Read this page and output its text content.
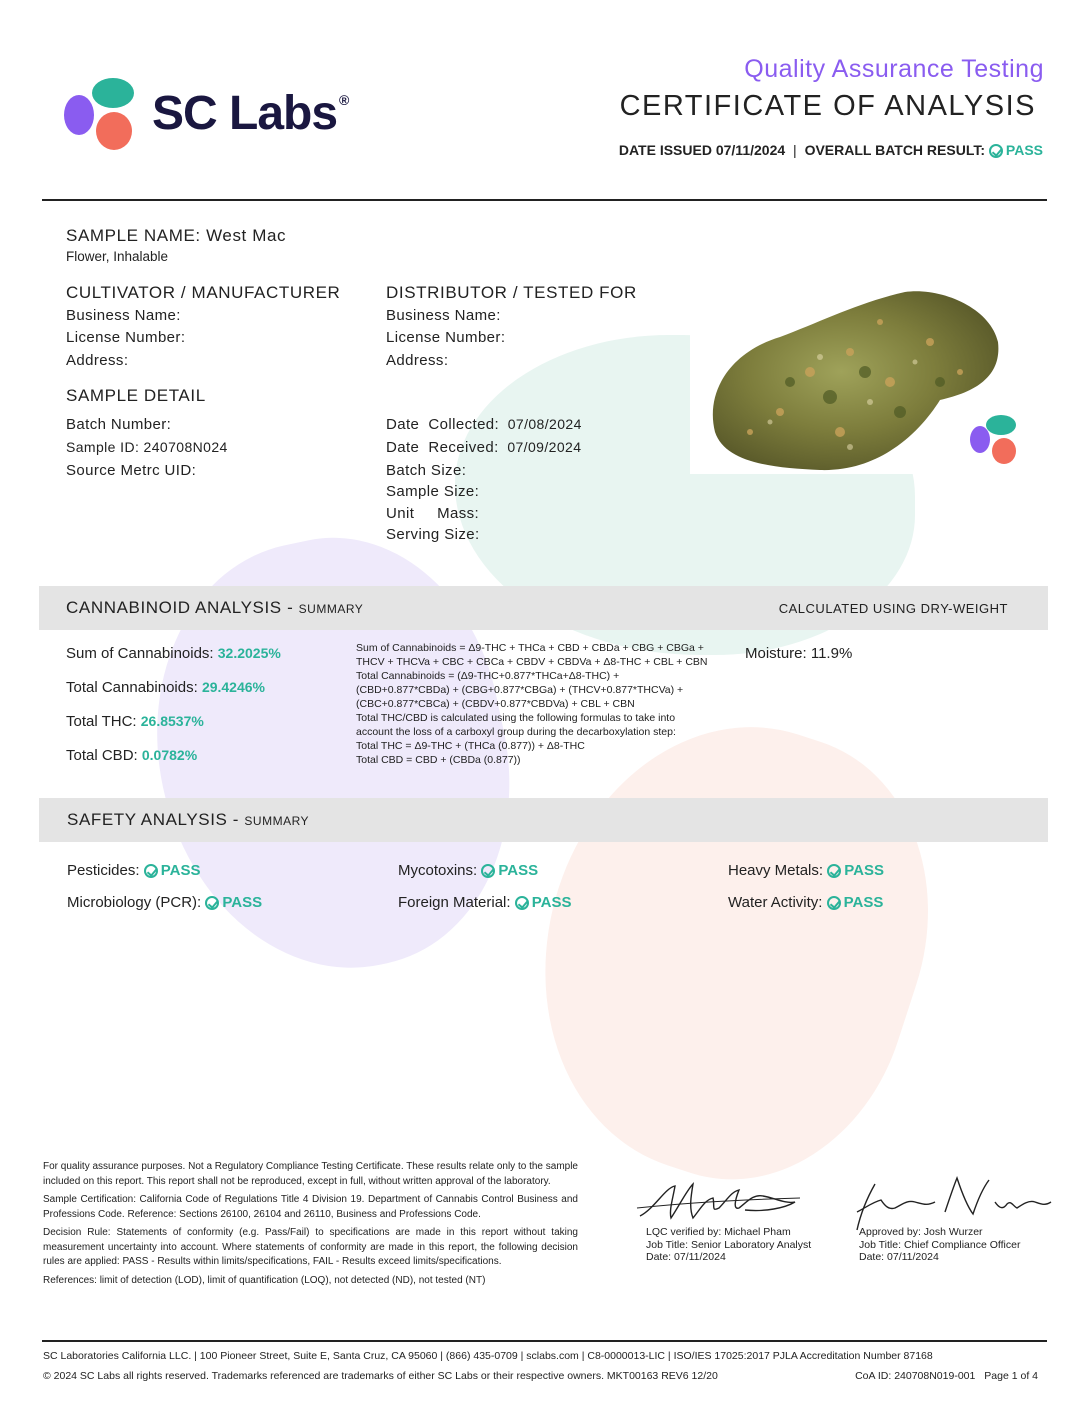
SC Labs ®
Quality Assurance Testing
CERTIFICATE OF ANALYSIS
DATE ISSUED 07/11/2024 | OVERALL BATCH RESULT: PASS
SAMPLE NAME: West Mac
Flower, Inhalable
CULTIVATOR / MANUFACTURER
Business Name:
License Number:
Address:
DISTRIBUTOR / TESTED FOR
Business Name:
License Number:
Address:
SAMPLE DETAIL
Batch Number:
Sample ID: 240708N024
Source Metrc UID:
Date  Collected: 07/08/2024
Date  Received: 07/09/2024
Batch Size:
Sample Size:
Unit     Mass:
Serving Size:
CANNABINOID ANALYSIS - SUMMARY	CALCULATED USING DRY-WEIGHT
Sum of Cannabinoids: 32.2025%
Total Cannabinoids: 29.4246%
Total THC: 26.8537%
Total CBD: 0.0782%
Sum of Cannabinoids = Δ9-THC + THCa + CBD + CBDa + CBG + CBGa +
THCV + THCVa + CBC + CBCa + CBDV + CBDVa + Δ8-THC + CBL + CBN
Total Cannabinoids = (Δ9-THC+0.877*THCa+Δ8-THC) +
(CBD+0.877*CBDa) + (CBG+0.877*CBGa) + (THCV+0.877*THCVa) +
(CBC+0.877*CBCa) + (CBDV+0.877*CBDVa) + CBL + CBN
Total THC/CBD is calculated using the following formulas to take into
account the loss of a carboxyl group during the decarboxylation step:
Total THC = Δ9-THC + (THCa (0.877)) + Δ8-THC
Total CBD = CBD + (CBDa (0.877))
Moisture: 11.9%
SAFETY ANALYSIS - SUMMARY
Pesticides: PASS	Mycotoxins: PASS	Heavy Metals: PASS
Microbiology (PCR): PASS	Foreign Material: PASS	Water Activity: PASS
For quality assurance purposes. Not a Regulatory Compliance Testing Certificate. These results relate only to the sample included on this report. This report shall not be reproduced, except in full, without written approval of the laboratory.
Sample Certification: California Code of Regulations Title 4 Division 19. Department of Cannabis Control Business and Professions Code. Reference: Sections 26100, 26104 and 26110, Business and Professions Code.
Decision Rule: Statements of conformity (e.g. Pass/Fail) to specifications are made in this report without taking measurement uncertainty into account. Where statements of conformity are made in this report, the following decision rules are applied: PASS - Results within limits/specifications, FAIL - Results exceed limits/specifications.
References: limit of detection (LOD), limit of quantification (LOQ), not detected (ND), not tested (NT)
LQC verified by: Michael Pham
Job Title: Senior Laboratory Analyst
Date: 07/11/2024
Approved by: Josh Wurzer
Job Title: Chief Compliance Officer
Date: 07/11/2024
SC Laboratories California LLC. | 100 Pioneer Street, Suite E, Santa Cruz, CA 95060 | (866) 435-0709 | sclabs.com | C8-0000013-LIC | ISO/IES 17025:2017 PJLA Accreditation Number 87168
© 2024 SC Labs all rights reserved. Trademarks referenced are trademarks of either SC Labs or their respective owners. MKT00163 REV6 12/20	CoA ID: 240708N019-001 Page 1 of 4
